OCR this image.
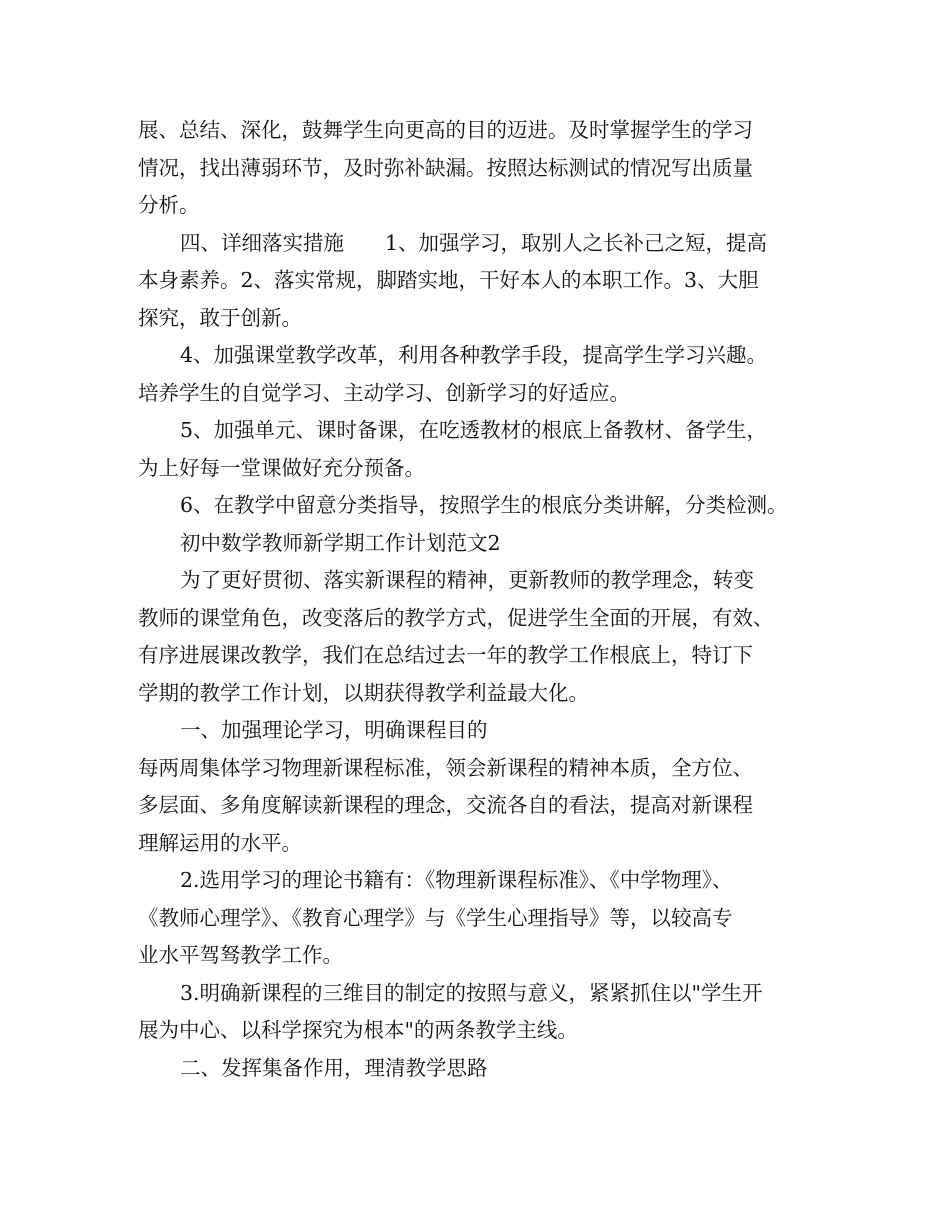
展、总结、深化，鼓舞学生向更高的目的迈进。及时掌握学生的学习
情况，找出薄弱环节，及时弥补缺漏。按照达标测试的情况写出质量
分析。
四、详细落实措施　　1、加强学习，取别人之长补己之短，提高
本身素养。2、落实常规，脚踏实地，干好本人的本职工作。3、大胆
探究，敢于创新。
4、加强课堂教学改革，利用各种教学手段，提高学生学习兴趣。
培养学生的自觉学习、主动学习、创新学习的好适应。
5、加强单元、课时备课，在吃透教材的根底上备教材、备学生，
为上好每一堂课做好充分预备。
6、在教学中留意分类指导，按照学生的根底分类讲解，分类检测。
初中数学教师新学期工作计划范文2
为了更好贯彻、落实新课程的精神，更新教师的教学理念，转变
教师的课堂角色，改变落后的教学方式，促进学生全面的开展，有效、
有序进展课改教学，我们在总结过去一年的教学工作根底上，特订下
学期的教学工作计划，以期获得教学利益最大化。
一、加强理论学习，明确课程目的
每两周集体学习物理新课程标准，领会新课程的精神本质，全方位、
多层面、多角度解读新课程的理念，交流各自的看法，提高对新课程
理解运用的水平。
2.选用学习的理论书籍有：《物理新课程标准》、《中学物理》、
《教师心理学》、《教育心理学》与《学生心理指导》等，以较高专
业水平驾驽教学工作。
3.明确新课程的三维目的制定的按照与意义，紧紧抓住以"学生开
展为中心、以科学探究为根本"的两条教学主线。
二、发挥集备作用，理清教学思路
